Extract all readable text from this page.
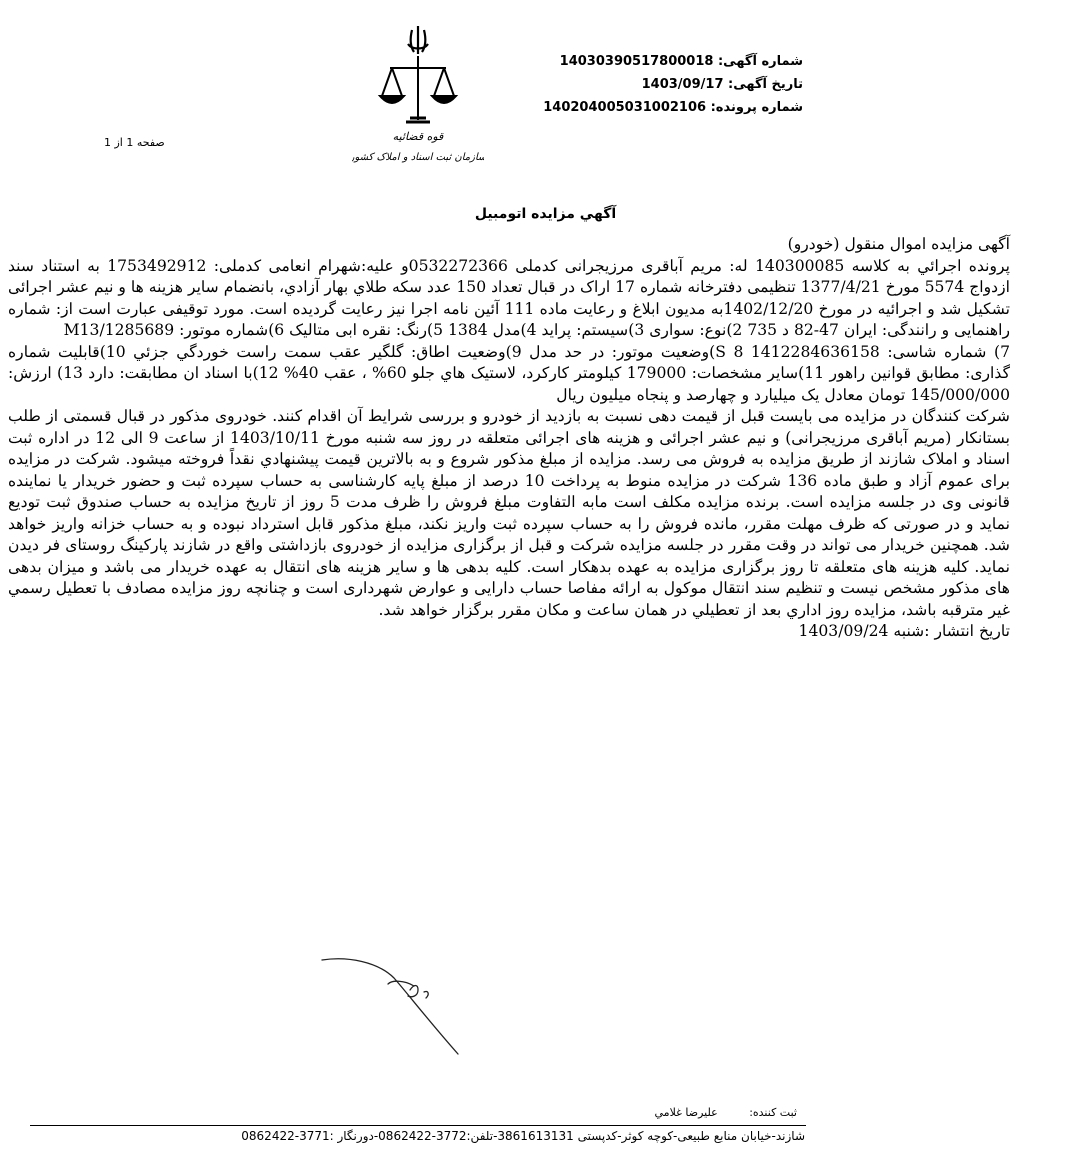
شماره آگهی: 14030390517800018
تاریخ آگهی: 1403/09/17
شماره پرونده: 140204005031002106
قوه قضائیه
سازمان ثبت اسناد و املاک کشور
صفحه 1 از 1
آگهي مزايده اتومبيل

آگهی مزایده اموال منقول (خودرو)

پرونده اجرائي به كلاسه 140300085 له: مریم آباقری مرزیجرانی کدملی 0532272366و علیه:شهرام انعامی کدملی: 1753492912 به استناد سند ازدواج 5574 مورخ 1377/4/21 تنظیمی دفترخانه شماره 17 اراک در قبال تعداد 150 عدد سکه طلاي بهار آزادي، بانضمام سایر هزینه ها و نیم عشر اجرائی تشکیل شد و اجرائیه در مورخ 1402/12/20به مديون ابلاغ و رعايت ماده 111 آئين نامه اجرا نيز رعايت گرديده است. مورد توقیفی عبارت است از: شماره راهنمایی و رانندگی: ایران 47-82 د 735 2)نوع: سواری 3)سیستم: پراید 4)مدل 1384 5)رنگ: نقره ابی متالیک 6)شماره موتور: M13/1285689

7) شماره شاسی: S 8 141228463615‪8‬)وضعیت موتور: در حد مدل 9)وضعیت اطاق: گلگیر عقب سمت راست خوردگي جزئي 10)قابلیت شماره گذاری: مطابق قوانین راهور 11)سایر مشخصات: 179000 کیلومتر کارکرد، لاستيک هاي جلو 60% ، عقب 40% 12)با اسناد ان مطابقت: دارد 13) ارزش: 145/000/000 تومان معادل یک میلیارد و چهارصد و پنجاه میلیون ریال

شرکت کنندگان در مزایده می بایست قبل از قیمت دهی نسبت به بازدید از خودرو و بررسی شرایط آن اقدام کنند. خودروی مذکور در قبال قسمتی از طلب بستانکار (مریم آباقری مرزیجرانی) و نیم عشر اجرائی و هزینه های اجرائی متعلقه در روز سه شنبه مورخ 1403/10/11 از ساعت 9 الی 12 در اداره ثبت اسناد و املاک شازند از طریق مزایده به فروش می رسد. مزایده از مبلغ مذکور شروع و به بالاترين قيمت پيشنهادي نقداً فروخته ميشود. شرکت در مزایده برای عموم آزاد و طبق ماده 136 شرکت در مزایده منوط به پرداخت 10 درصد از مبلغ پایه کارشناسی به حساب سپرده ثبت و حضور خریدار یا نماینده قانونی وی در جلسه مزایده است. برنده مزایده مکلف است مابه التفاوت مبلغ فروش را ظرف مدت 5 روز از تاریخ مزایده به حساب صندوق ثبت تودیع نماید و در صورتی که ظرف مهلت مقرر، مانده فروش را به حساب سپرده ثبت واریز نکند، مبلغ مذکور قابل استرداد نبوده و به حساب خزانه واریز خواهد شد. همچنین خریدار می تواند در وقت مقرر در جلسه مزایده شرکت و قبل از برگزاری مزایده از خودروی بازداشتی واقع در شازند پارکینگ روستای فر دیدن نماید. کلیه هزینه های متعلقه تا روز برگزاری مزایده به عهده بدهکار است. کلیه بدهی ها و سایر هزینه های انتقال به عهده خریدار می باشد و میزان بدهی های مذکور مشخص نیست و تنظیم سند انتقال موکول به ارائه مفاصا حساب دارایی و عوارض شهرداری است و چنانچه روز مزایده مصادف با تعطیل رسمي غير مترقبه باشد، مزايده روز اداري بعد از تعطيلي در همان ساعت و مكان مقرر برگزار خواهد شد.

تاريخ انتشار :شنبه 1403/09/24

ثبت كننده: عليرضا غلامي
شازند-خیابان منابع طبیعی-کوچه کوثر-کدپستی 3861613131-تلفن:3772-0862422-دورنگار :3771-0862422
